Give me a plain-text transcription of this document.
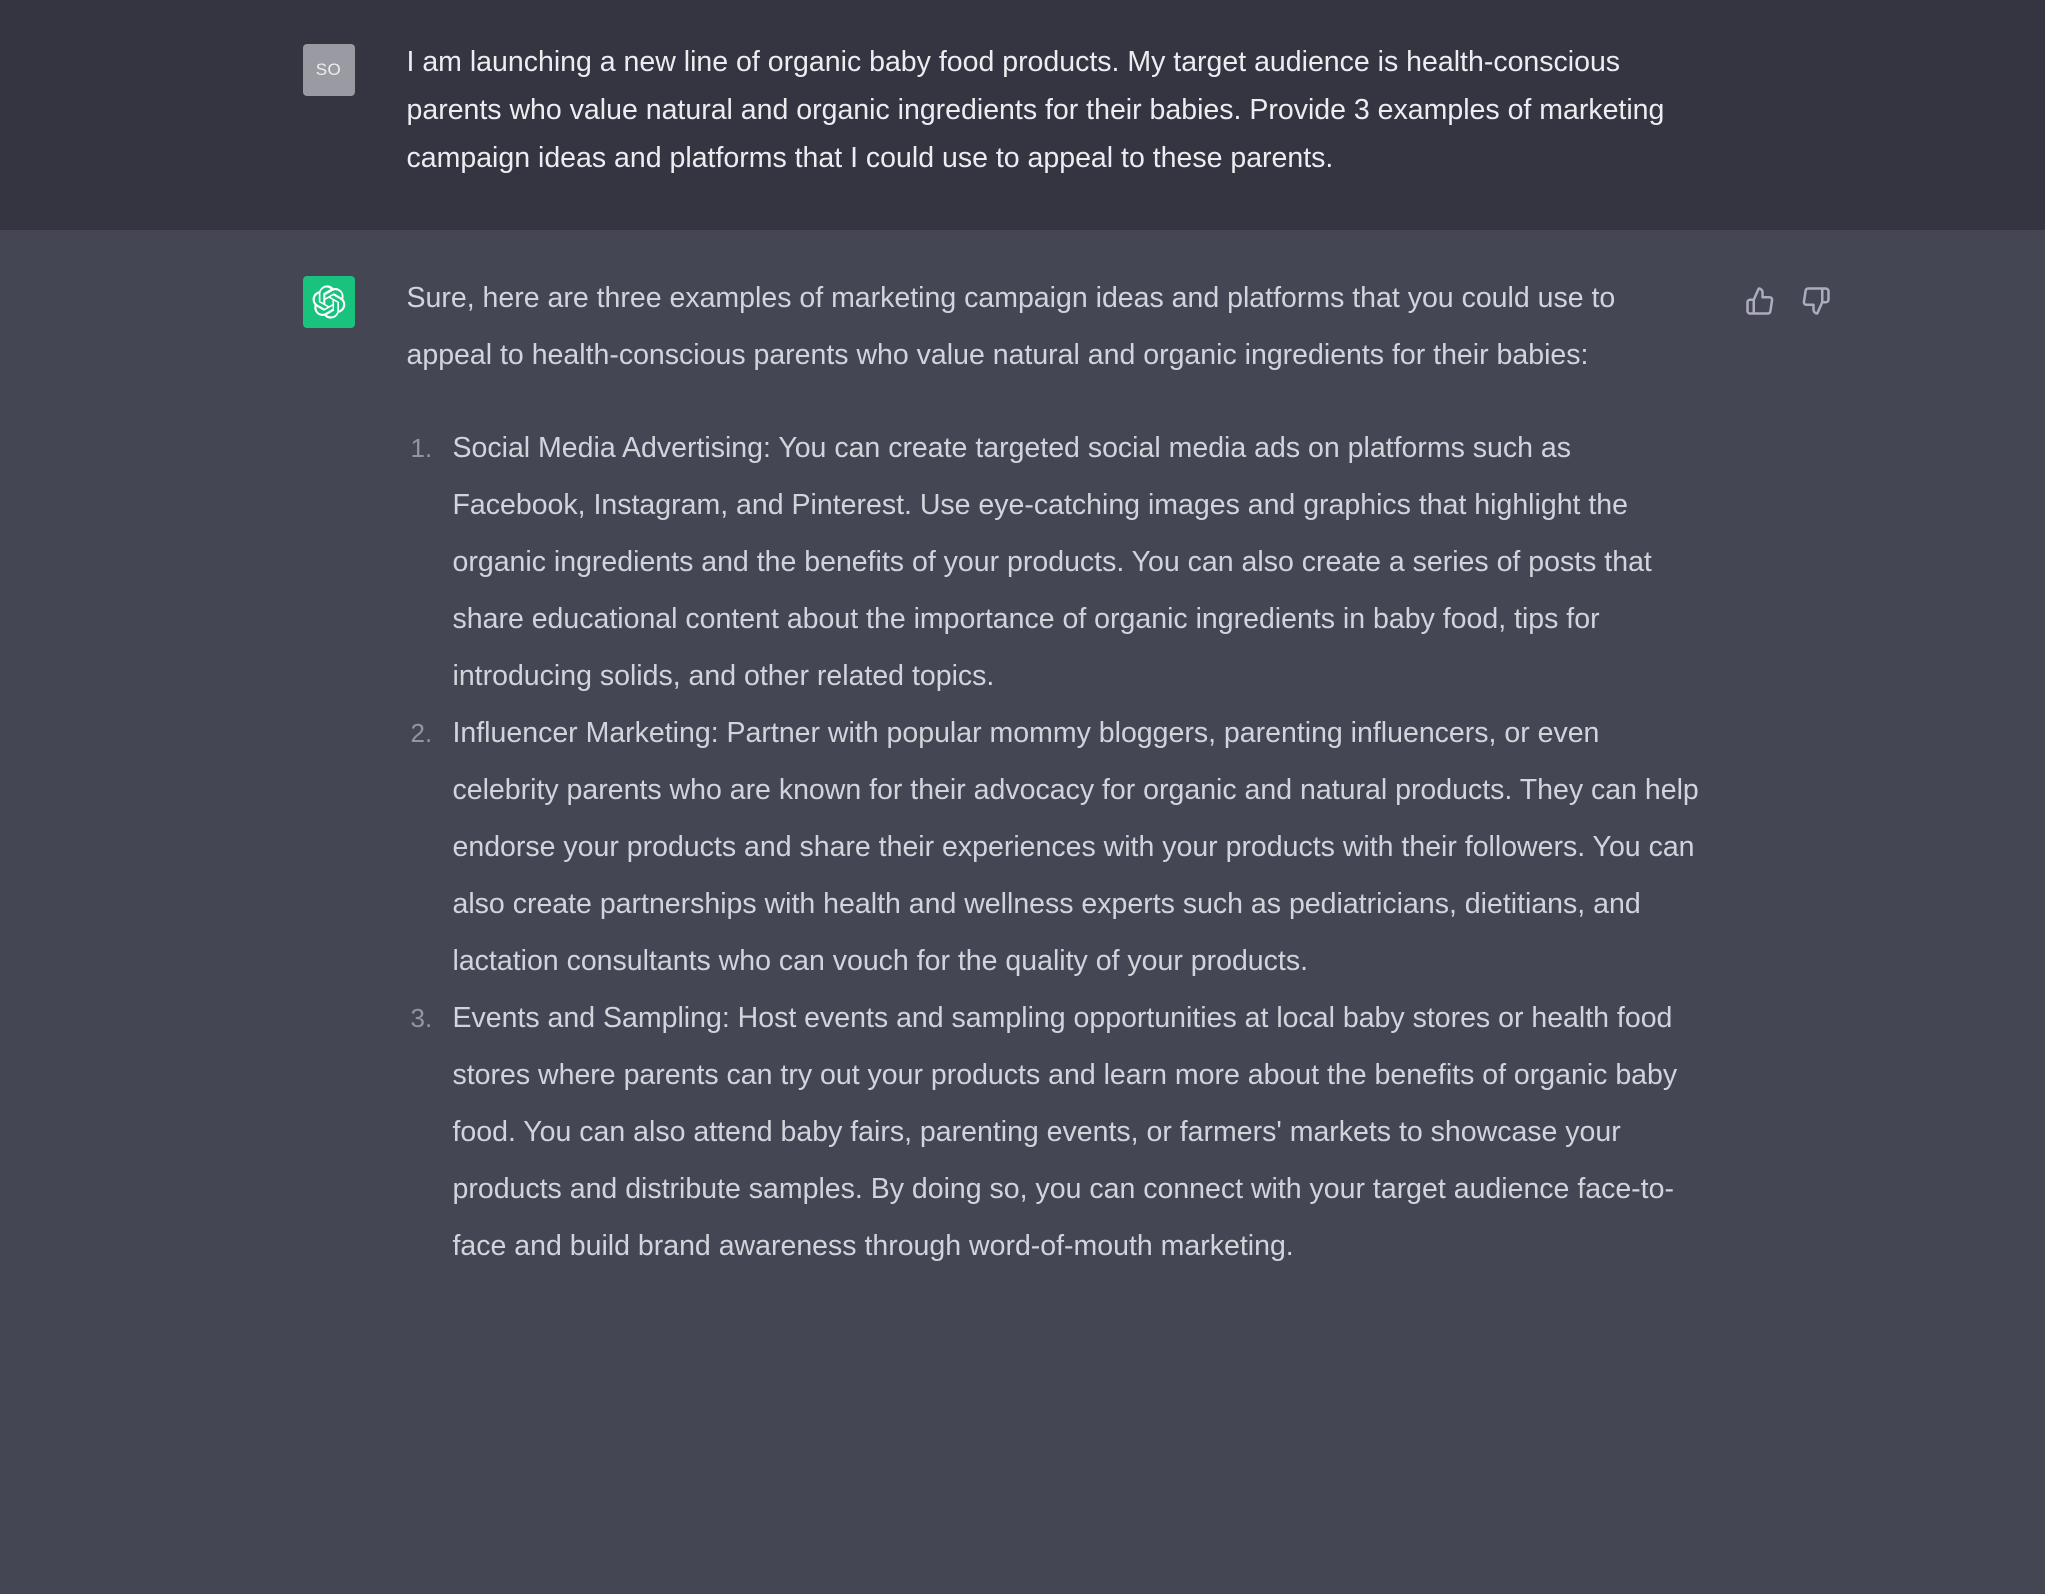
SO	I am launching a new line of organic baby food products. My target audience is health-conscious parents who value natural and organic ingredients for their babies. Provide 3 examples of marketing campaign ideas and platforms that I could use to appeal to these parents.
Sure, here are three examples of marketing campaign ideas and platforms that you could use to appeal to health-conscious parents who value natural and organic ingredients for their babies:
Social Media Advertising: You can create targeted social media ads on platforms such as Facebook, Instagram, and Pinterest. Use eye-catching images and graphics that highlight the organic ingredients and the benefits of your products. You can also create a series of posts that share educational content about the importance of organic ingredients in baby food, tips for introducing solids, and other related topics.
Influencer Marketing: Partner with popular mommy bloggers, parenting influencers, or even celebrity parents who are known for their advocacy for organic and natural products. They can help endorse your products and share their experiences with your products with their followers. You can also create partnerships with health and wellness experts such as pediatricians, dietitians, and lactation consultants who can vouch for the quality of your products.
Events and Sampling: Host events and sampling opportunities at local baby stores or health food stores where parents can try out your products and learn more about the benefits of organic baby food. You can also attend baby fairs, parenting events, or farmers' markets to showcase your products and distribute samples. By doing so, you can connect with your target audience face-to-face and build brand awareness through word-of-mouth marketing.
